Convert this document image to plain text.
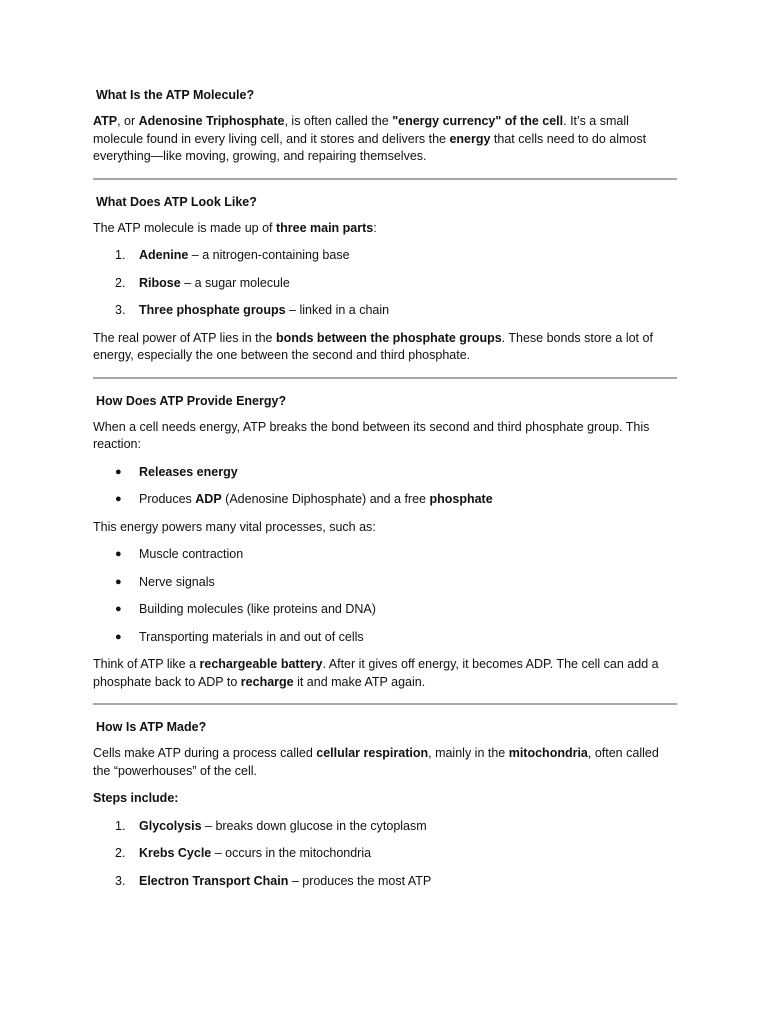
What Is the ATP Molecule?

ATP, or Adenosine Triphosphate, is often called the "energy currency" of the cell. It’s a small molecule found in every living cell, and it stores and delivers the energy that cells need to do almost everything—like moving, growing, and repairing themselves.

What Does ATP Look Like?

The ATP molecule is made up of three main parts:

1.	Adenine – a nitrogen-containing base
2.	Ribose – a sugar molecule
3.	Three phosphate groups – linked in a chain

The real power of ATP lies in the bonds between the phosphate groups. These bonds store a lot of energy, especially the one between the second and third phosphate.

How Does ATP Provide Energy?

When a cell needs energy, ATP breaks the bond between its second and third phosphate group. This reaction:

●	Releases energy
●	Produces ADP (Adenosine Diphosphate) and a free phosphate

This energy powers many vital processes, such as:

●	Muscle contraction
●	Nerve signals
●	Building molecules (like proteins and DNA)
●	Transporting materials in and out of cells

Think of ATP like a rechargeable battery. After it gives off energy, it becomes ADP. The cell can add a phosphate back to ADP to recharge it and make ATP again.

How Is ATP Made?

Cells make ATP during a process called cellular respiration, mainly in the mitochondria, often called the “powerhouses” of the cell.

Steps include:

1.	Glycolysis – breaks down glucose in the cytoplasm
2.	Krebs Cycle – occurs in the mitochondria
3.	Electron Transport Chain – produces the most ATP
